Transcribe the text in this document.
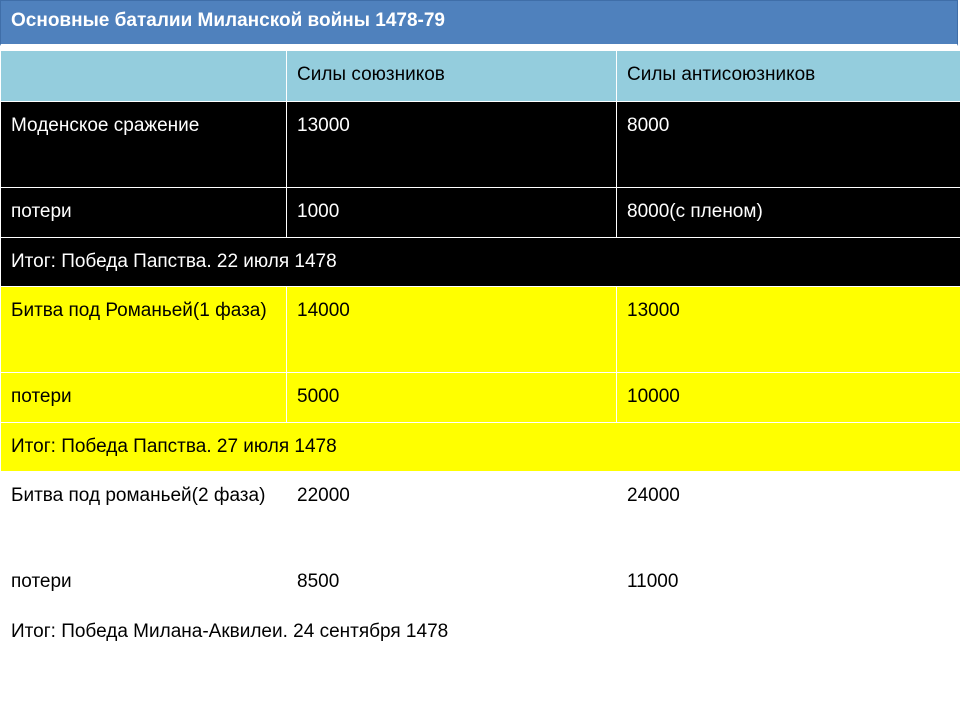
Основные баталии Миланской войны 1478-79
	Силы союзников	Силы антисоюзников
Моденское сражение	13000	8000
потери	1000	8000(с пленом)
Итог: Победа Папства. 22 июля 1478		
Битва под Романьей(1 фаза)	14000	13000
потери	5000	10000
Итог: Победа Папства. 27 июля 1478		
Битва под романьей(2 фаза)	22000	24000
потери	8500	11000
Итог: Победа Милана-Аквилеи. 24 сентября 1478		
